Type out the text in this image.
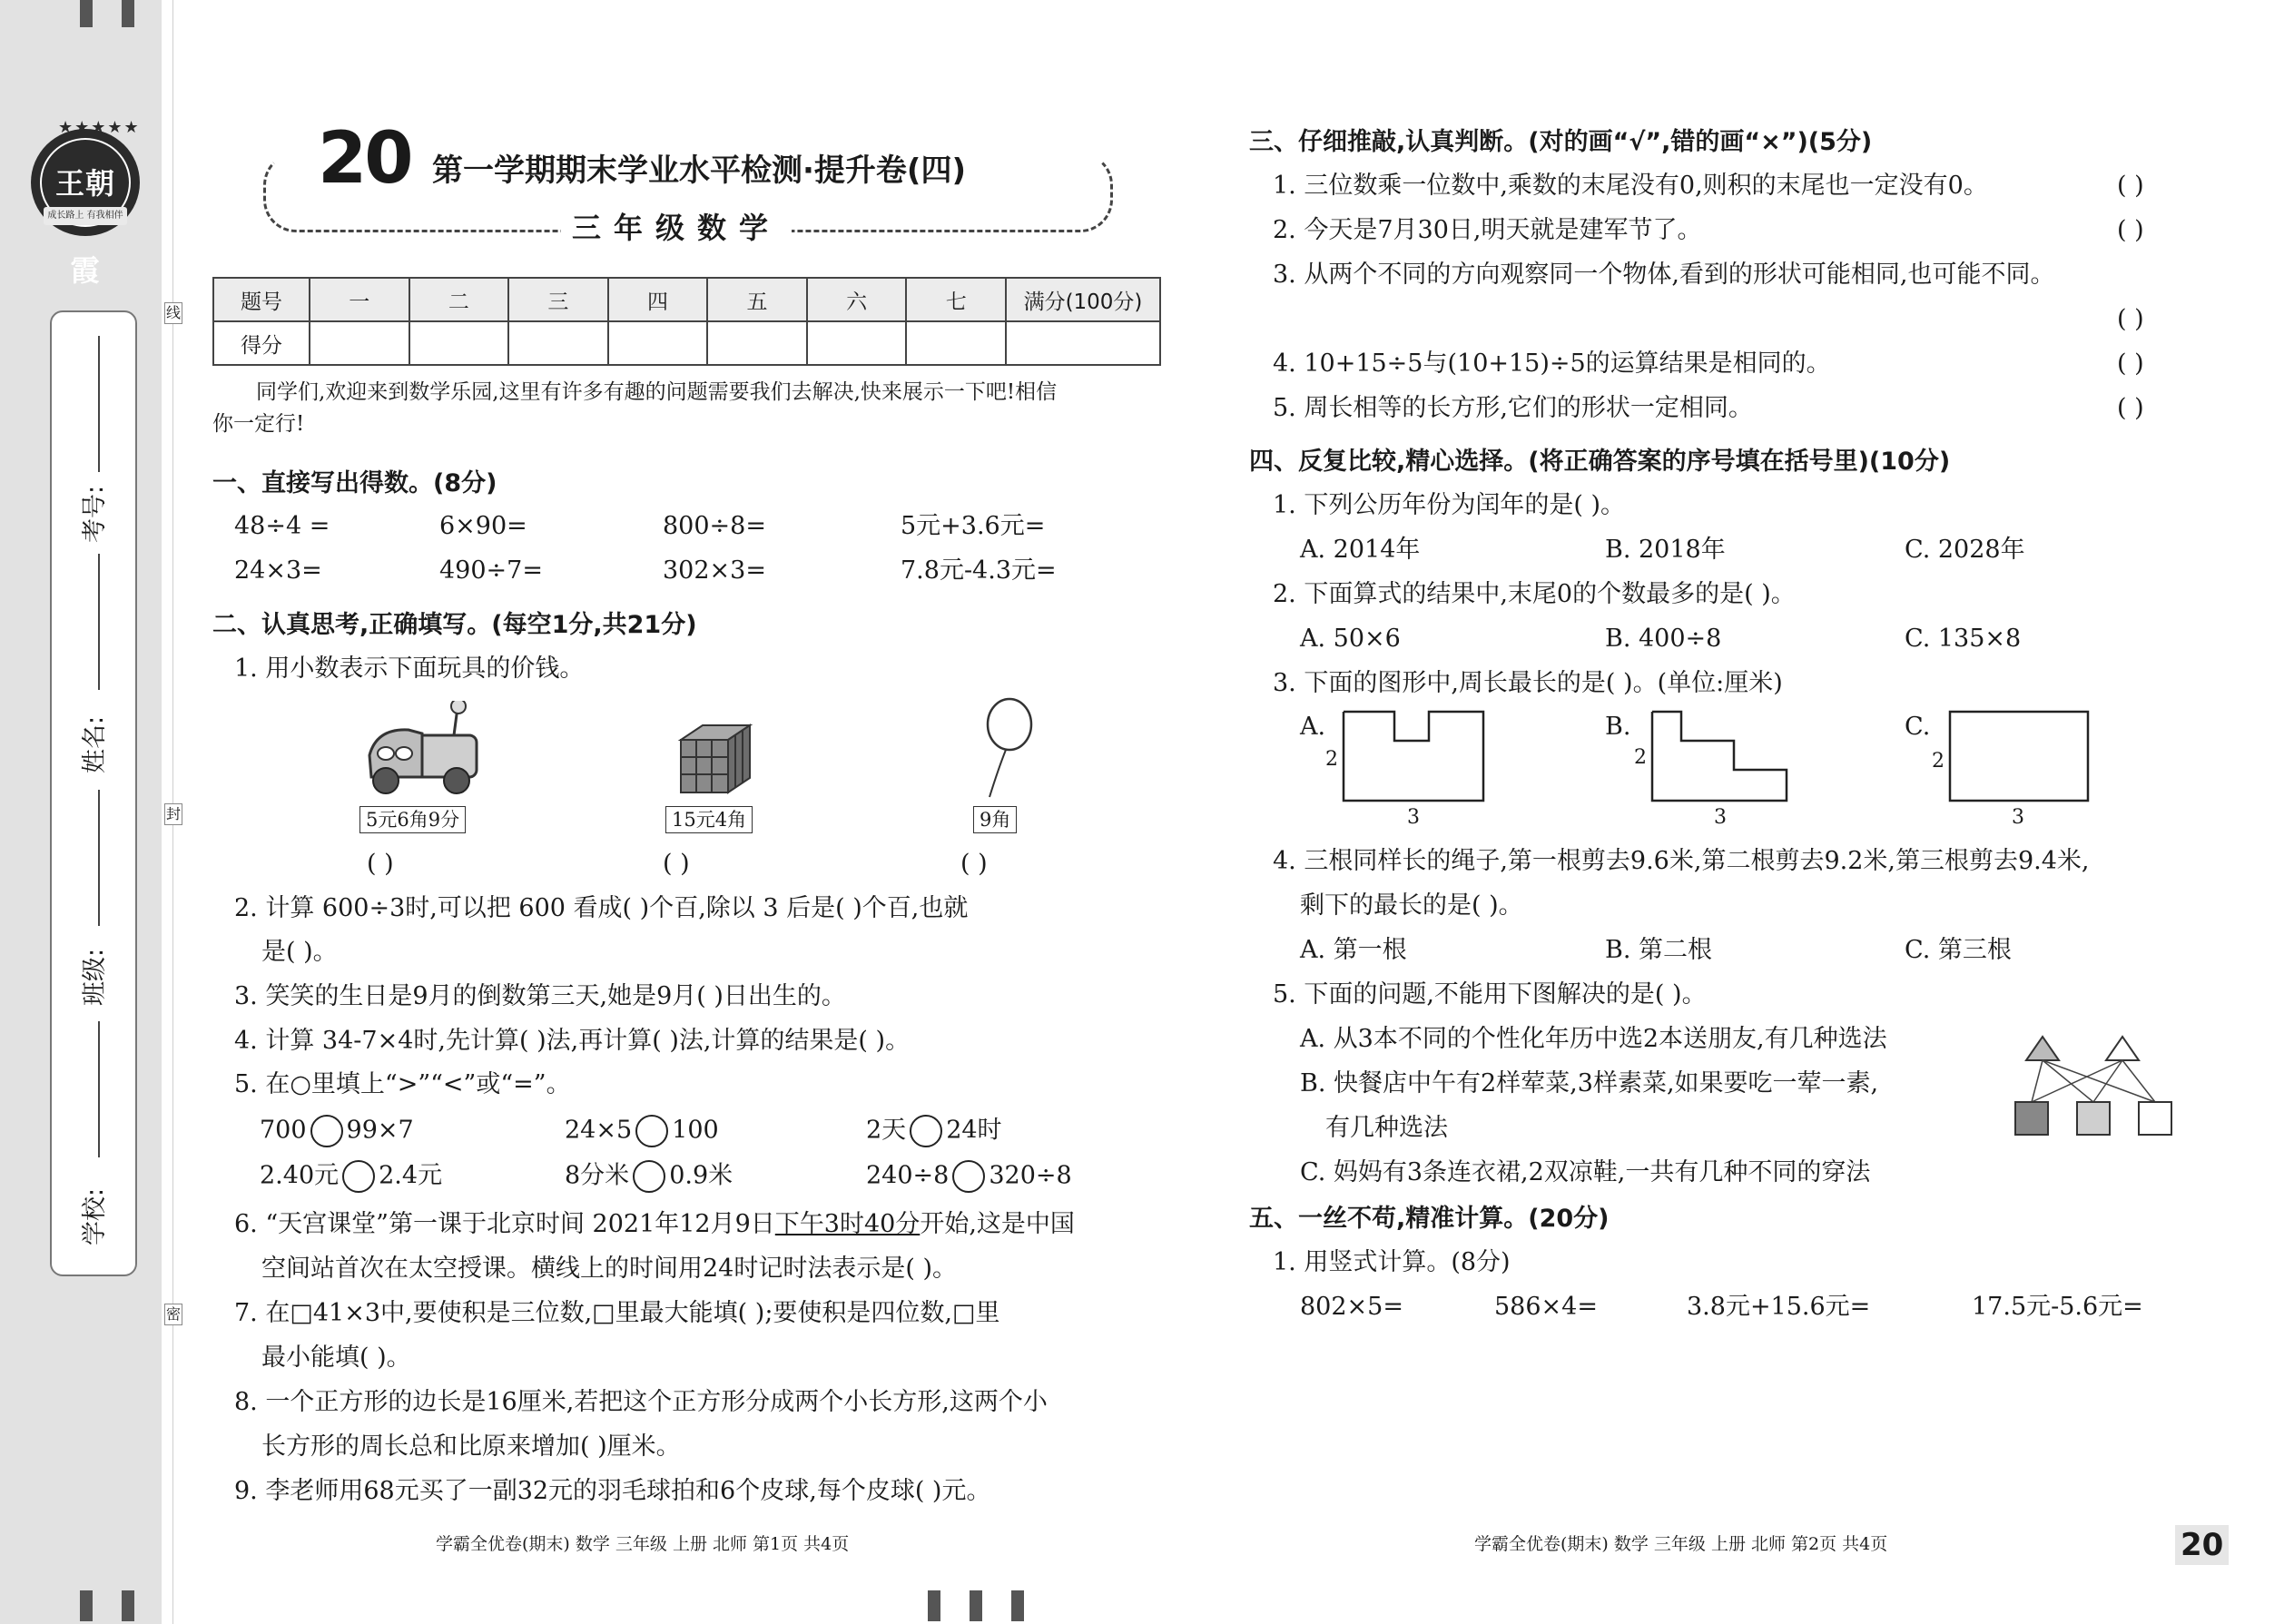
★★★★★
王朝霞
成长路上 有我相伴
考号:
姓名:
班级:
学校:
线
封
密
20 第一学期期末学业水平检测·提升卷(四)
三年级数学
题号	一	二	三	四	五	六	七	满分(100分)
得分								
同学们,欢迎来到数学乐园,这里有许多有趣的问题需要我们去解决,快来展示一下吧!相信
你一定行!
一、直接写出得数。(8分)
48÷4 =	6×90=	800÷8=	5元+3.6元=
24×3=	490÷7=	302×3=	7.8元-4.3元=
二、认真思考,正确填写。(每空1分,共21分)
1. 用小数表示下面玩具的价钱。
5元6角9分	15元4角	9角
( )	( )	( )
2. 计算 600÷3时,可以把 600 看成( )个百,除以 3 后是( )个百,也就
是( )。
3. 笑笑的生日是9月的倒数第三天,她是9月( )日出生的。
4. 计算 34-7×4时,先计算( )法,再计算( )法,计算的结果是( )。
5. 在○里填上“>”“<”或“=”。
700 99×7	24×5 100	2天 24时
2.40元 2.4元	8分米 0.9米	240÷8 320÷8
6. “天宫课堂”第一课于北京时间 2021年12月9日下午3时40分开始,这是中国
空间站首次在太空授课。横线上的时间用24时记时法表示是( )。
7. 在□41×3中,要使积是三位数,□里最大能填( );要使积是四位数,□里
最小能填( )。
8. 一个正方形的边长是16厘米,若把这个正方形分成两个小长方形,这两个小
长方形的周长总和比原来增加( )厘米。
9. 李老师用68元买了一副32元的羽毛球拍和6个皮球,每个皮球( )元。
学霸全优卷(期末) 数学 三年级 上册 北师 第1页 共4页
三、仔细推敲,认真判断。(对的画“√”,错的画“×”)(5分)
1. 三位数乘一位数中,乘数的末尾没有0,则积的末尾也一定没有0。	( )
2. 今天是7月30日,明天就是建军节了。	( )
3. 从两个不同的方向观察同一个物体,看到的形状可能相同,也可能不同。
( )
4. 10+15÷5与(10+15)÷5的运算结果是相同的。	( )
5. 周长相等的长方形,它们的形状一定相同。	( )
四、反复比较,精心选择。(将正确答案的序号填在括号里)(10分)
1. 下列公历年份为闰年的是( )。
A. 2014年	B. 2018年	C. 2028年
2. 下面算式的结果中,末尾0的个数最多的是( )。
A. 50×6	B. 400÷8	C. 135×8
3. 下面的图形中,周长最长的是( )。(单位:厘米)
A.
2
3
B.
2
3
C.
2
3
4. 三根同样长的绳子,第一根剪去9.6米,第二根剪去9.2米,第三根剪去9.4米,
剩下的最长的是( )。
A. 第一根	B. 第二根	C. 第三根
5. 下面的问题,不能用下图解决的是( )。
A. 从3本不同的个性化年历中选2本送朋友,有几种选法
B. 快餐店中午有2样荤菜,3样素菜,如果要吃一荤一素,
有几种选法
C. 妈妈有3条连衣裙,2双凉鞋,一共有几种不同的穿法
五、一丝不苟,精准计算。(20分)
1. 用竖式计算。(8分)
802×5=	586×4=	3.8元+15.6元=	17.5元-5.6元=
学霸全优卷(期末) 数学 三年级 上册 北师 第2页 共4页	20
